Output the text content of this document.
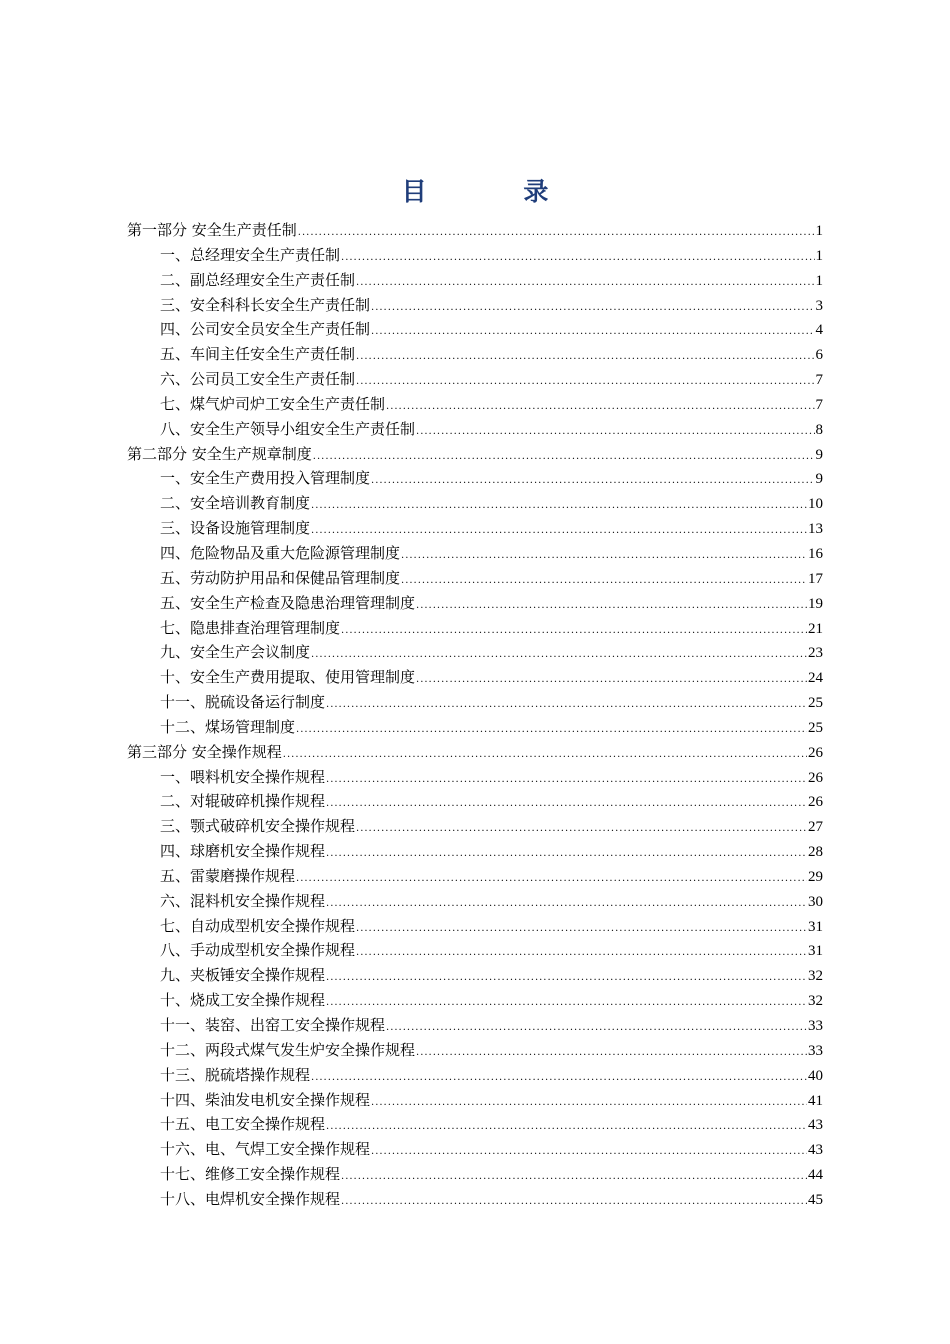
目 录
第一部分 安全生产责任制 .....	1
一、总经理安全生产责任制 .....	1
二、副总经理安全生产责任制 .....	1
三、安全科科长安全生产责任制 .....	3
四、公司安全员安全生产责任制 .....	4
五、车间主任安全生产责任制 .....	6
六、公司员工安全生产责任制 .....	7
七、煤气炉司炉工安全生产责任制 .....	7
八、安全生产领导小组安全生产责任制 .....	8
第二部分 安全生产规章制度 .....	9
一、安全生产费用投入管理制度 .....	9
二、安全培训教育制度 .....	10
三、设备设施管理制度 .....	13
四、危险物品及重大危险源管理制度 .....	16
五、劳动防护用品和保健品管理制度 .....	17
五、安全生产检查及隐患治理管理制度 .....	19
七、隐患排查治理管理制度 .....	21
九、安全生产会议制度 .....	23
十、安全生产费用提取、使用管理制度 .....	24
十一、脱硫设备运行制度 .....	25
十二、煤场管理制度 .....	25
第三部分 安全操作规程 .....	26
一、喂料机安全操作规程 .....	26
二、对辊破碎机操作规程 .....	26
三、颚式破碎机安全操作规程 .....	27
四、球磨机安全操作规程 .....	28
五、雷蒙磨操作规程 .....	29
六、混料机安全操作规程 .....	30
七、自动成型机安全操作规程 .....	31
八、手动成型机安全操作规程 .....	31
九、夹板锤安全操作规程 .....	32
十、烧成工安全操作规程 .....	32
十一、装窑、出窑工安全操作规程 .....	33
十二、两段式煤气发生炉安全操作规程 .....	33
十三、脱硫塔操作规程 .....	40
十四、柴油发电机安全操作规程 .....	41
十五、电工安全操作规程 .....	43
十六、电、气焊工安全操作规程 .....	43
十七、维修工安全操作规程 .....	44
十八、电焊机安全操作规程 .....	45
